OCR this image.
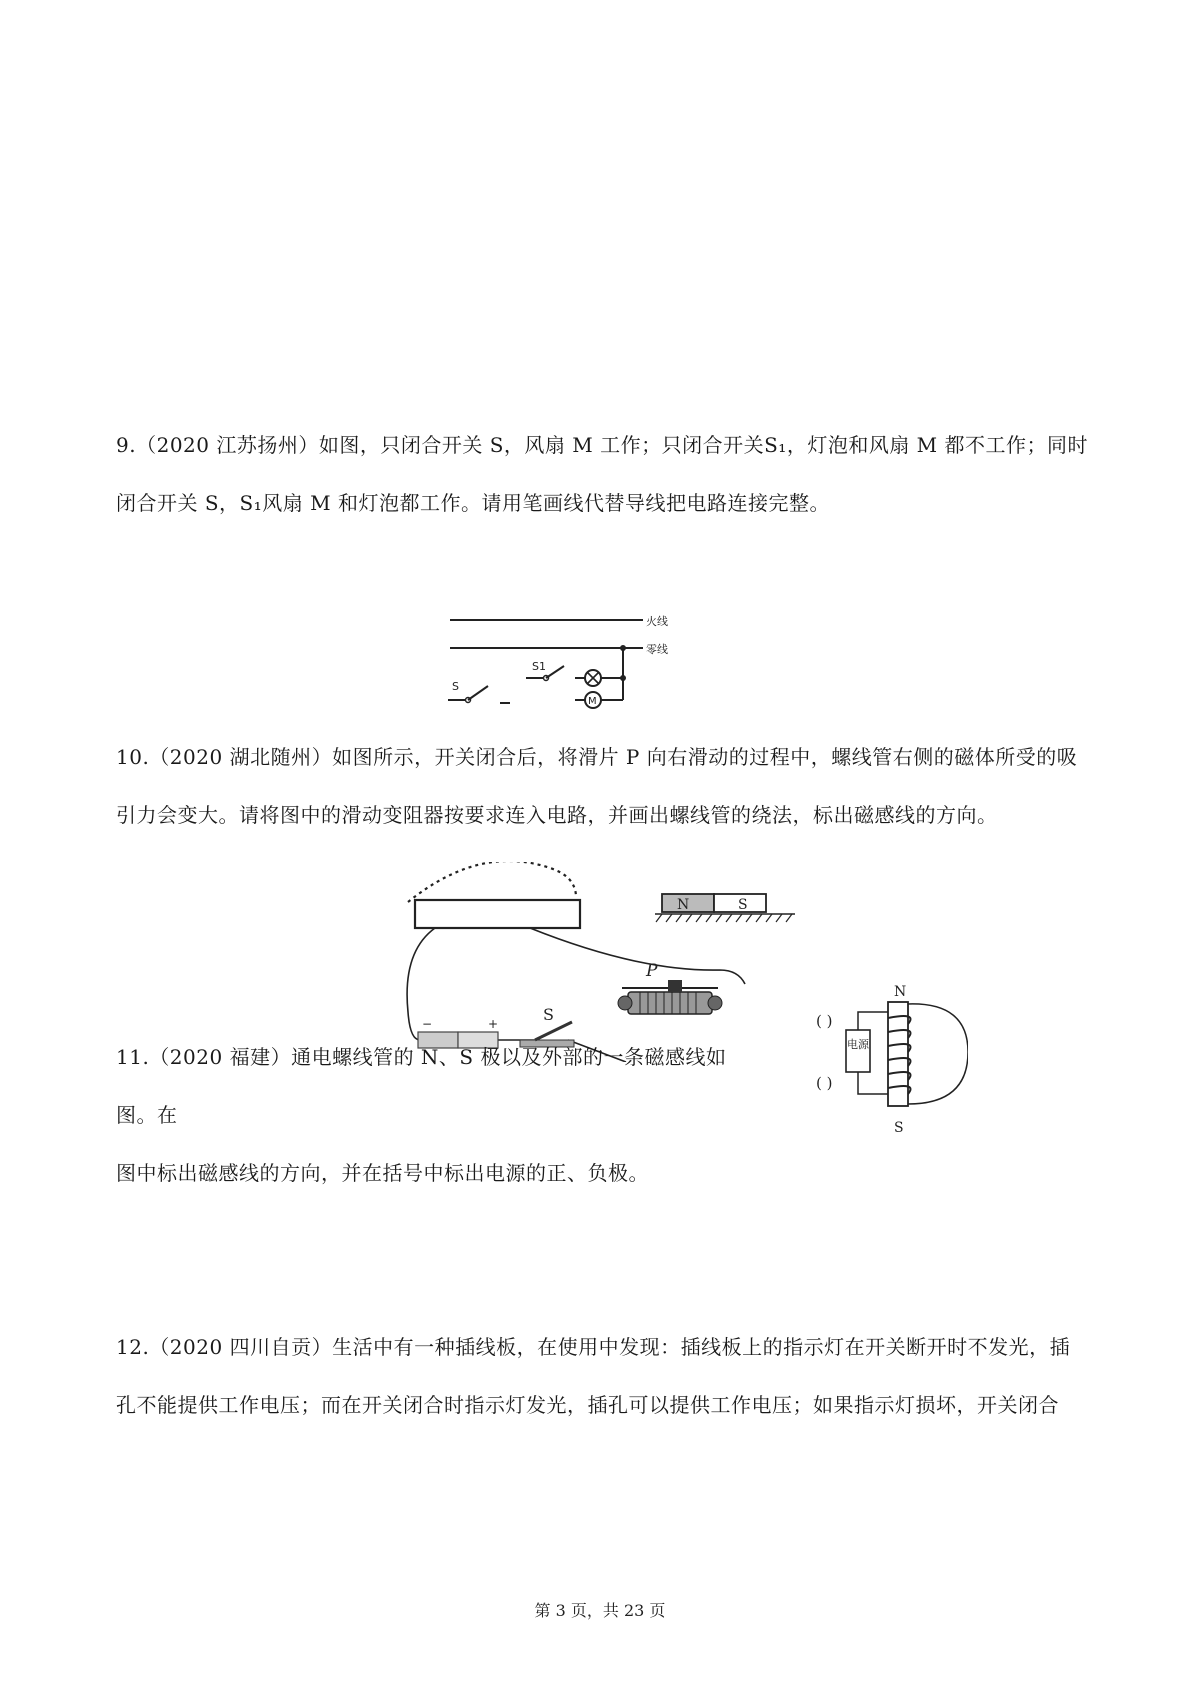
9.（2020 江苏扬州）如图，只闭合开关 S，风扇 M 工作；只闭合开关S₁，灯泡和风扇 M 都不工作；同时
闭合开关 S，S₁风扇 M 和灯泡都工作。请用笔画线代替导线把电路连接完整。
火线
零线
M
S1
S
10.（2020 湖北随州）如图所示，开关闭合后，将滑片 P 向右滑动的过程中，螺线管右侧的磁体所受的吸
引力会变大。请将图中的滑动变阻器按要求连入电路，并画出螺线管的绕法，标出磁感线的方向。
N	S
−	+	S
P
11.（2020 福建）通电螺线管的 N、S 极以及外部的一条磁感线如图。在
图中标出磁感线的方向，并在括号中标出电源的正、负极。
( )
( )
N
S
电源
12.（2020 四川自贡）生活中有一种插线板，在使用中发现：插线板上的指示灯在开关断开时不发光，插
孔不能提供工作电压；而在开关闭合时指示灯发光，插孔可以提供工作电压；如果指示灯损坏，开关闭合
第 3 页，共 23 页
